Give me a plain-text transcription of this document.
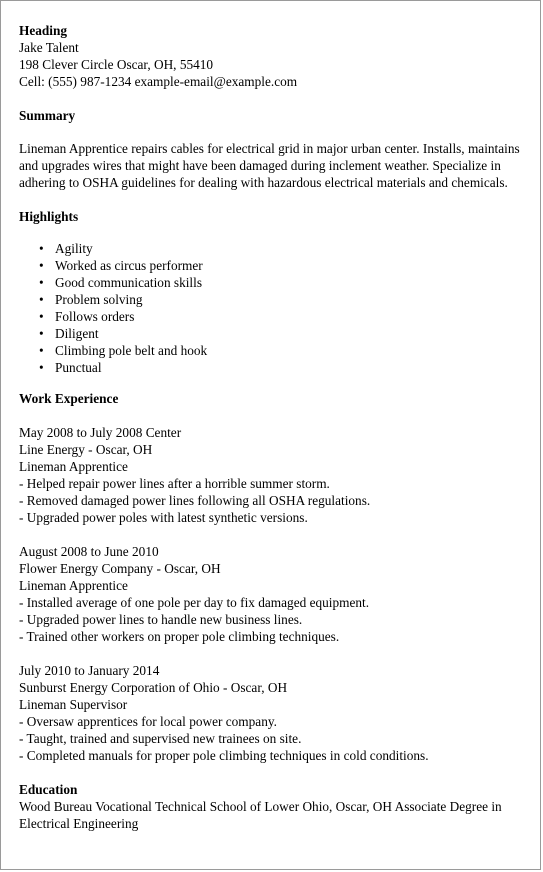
Heading

Jake Talent

198 Clever Circle Oscar, OH, 55410

Cell: (555) 987-1234 example-email@example.com

Summary

Lineman Apprentice repairs cables for electrical grid in major urban center. Installs, maintains and upgrades wires that might have been damaged during inclement weather. Specialize in adhering to OSHA guidelines for dealing with hazardous electrical materials and chemicals.

Highlights

• Agility
• Worked as circus performer
• Good communication skills
• Problem solving
• Follows orders
• Diligent
• Climbing pole belt and hook
• Punctual

Work Experience

May 2008 to July 2008 Center

Line Energy - Oscar, OH

Lineman Apprentice

- Helped repair power lines after a horrible summer storm.

- Removed damaged power lines following all OSHA regulations.

- Upgraded power poles with latest synthetic versions.

August 2008 to June 2010

Flower Energy Company - Oscar, OH

Lineman Apprentice

- Installed average of one pole per day to fix damaged equipment.

- Upgraded power lines to handle new business lines.

- Trained other workers on proper pole climbing techniques.

July 2010 to January 2014

Sunburst Energy Corporation of Ohio - Oscar, OH

Lineman Supervisor

- Oversaw apprentices for local power company.

- Taught, trained and supervised new trainees on site.

- Completed manuals for proper pole climbing techniques in cold conditions.

Education

Wood Bureau Vocational Technical School of Lower Ohio, Oscar, OH Associate Degree in Electrical Engineering
